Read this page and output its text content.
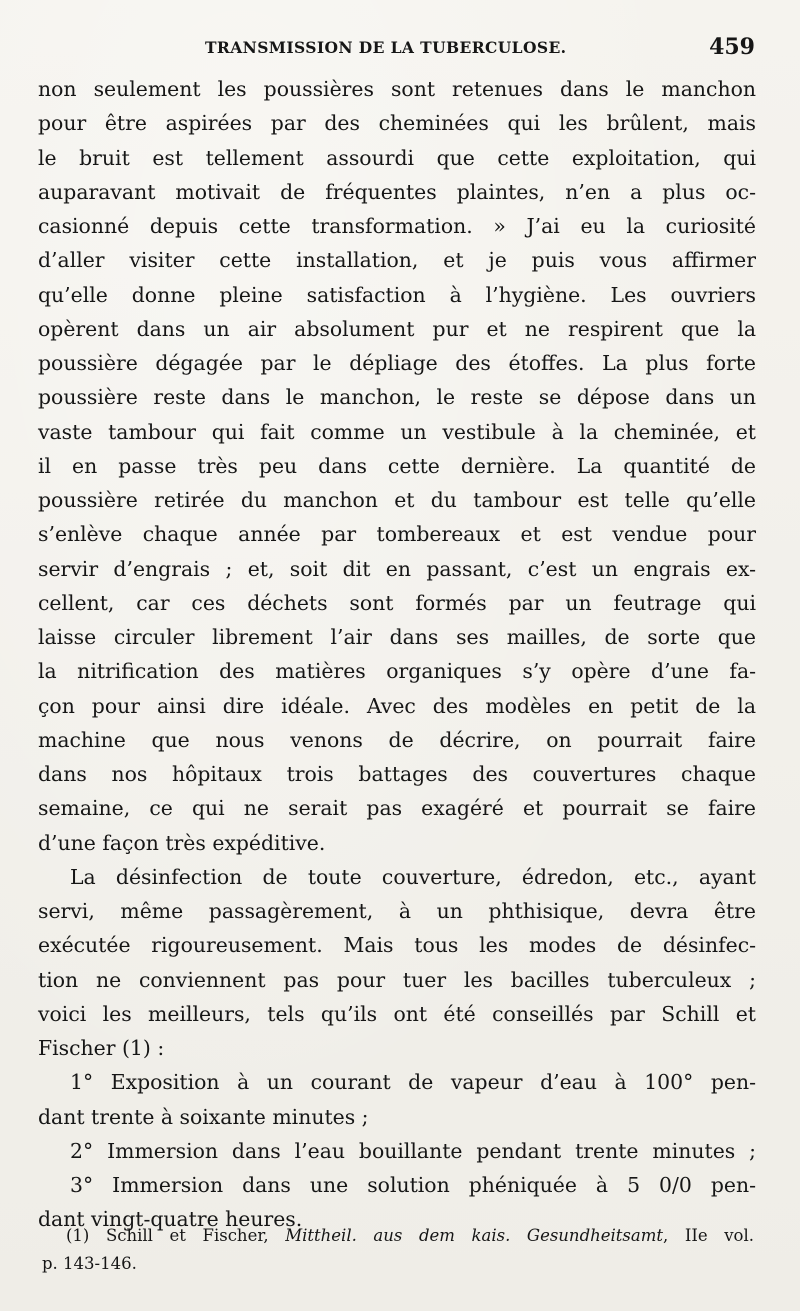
TRANSMISSION DE LA TUBERCULOSE.	459
non seulement les poussières sont retenues dans le manchon
pour être aspirées par des cheminées qui les brûlent, mais
le bruit est tellement assourdi que cette exploitation, qui
auparavant motivait de fréquentes plaintes, n’en a plus oc-
casionné depuis cette transformation. » J’ai eu la curiosité
d’aller visiter cette installation, et je puis vous affirmer
qu’elle donne pleine satisfaction à l’hygiène. Les ouvriers
opèrent dans un air absolument pur et ne respirent que la
poussière dégagée par le dépliage des étoffes. La plus forte
poussière reste dans le manchon, le reste se dépose dans un
vaste tambour qui fait comme un vestibule à la cheminée, et
il en passe très peu dans cette dernière. La quantité de
poussière retirée du manchon et du tambour est telle qu’elle
s’enlève chaque année par tombereaux et est vendue pour
servir d’engrais ; et, soit dit en passant, c’est un engrais ex-
cellent, car ces déchets sont formés par un feutrage qui
laisse circuler librement l’air dans ses mailles, de sorte que
la nitrification des matières organiques s’y opère d’une fa-
çon pour ainsi dire idéale. Avec des modèles en petit de la
machine que nous venons de décrire, on pourrait faire
dans nos hôpitaux trois battages des couvertures chaque
semaine, ce qui ne serait pas exagéré et pourrait se faire
d’une façon très expéditive.
La désinfection de toute couverture, édredon, etc., ayant
servi, même passagèrement, à un phthisique, devra être
exécutée rigoureusement. Mais tous les modes de désinfec-
tion ne conviennent pas pour tuer les bacilles tuberculeux ;
voici les meilleurs, tels qu’ils ont été conseillés par Schill et
Fischer (1) :
1° Exposition à un courant de vapeur d’eau à 100° pen-
dant trente à soixante minutes ;
2° Immersion dans l’eau bouillante pendant trente minutes ;
3° Immersion dans une solution phéniquée à 5 0/0 pen-
dant vingt-quatre heures.
(1) Schill et Fischer, Mittheil. aus dem kais. Gesundheitsamt, IIe vol.
p. 143-146.
